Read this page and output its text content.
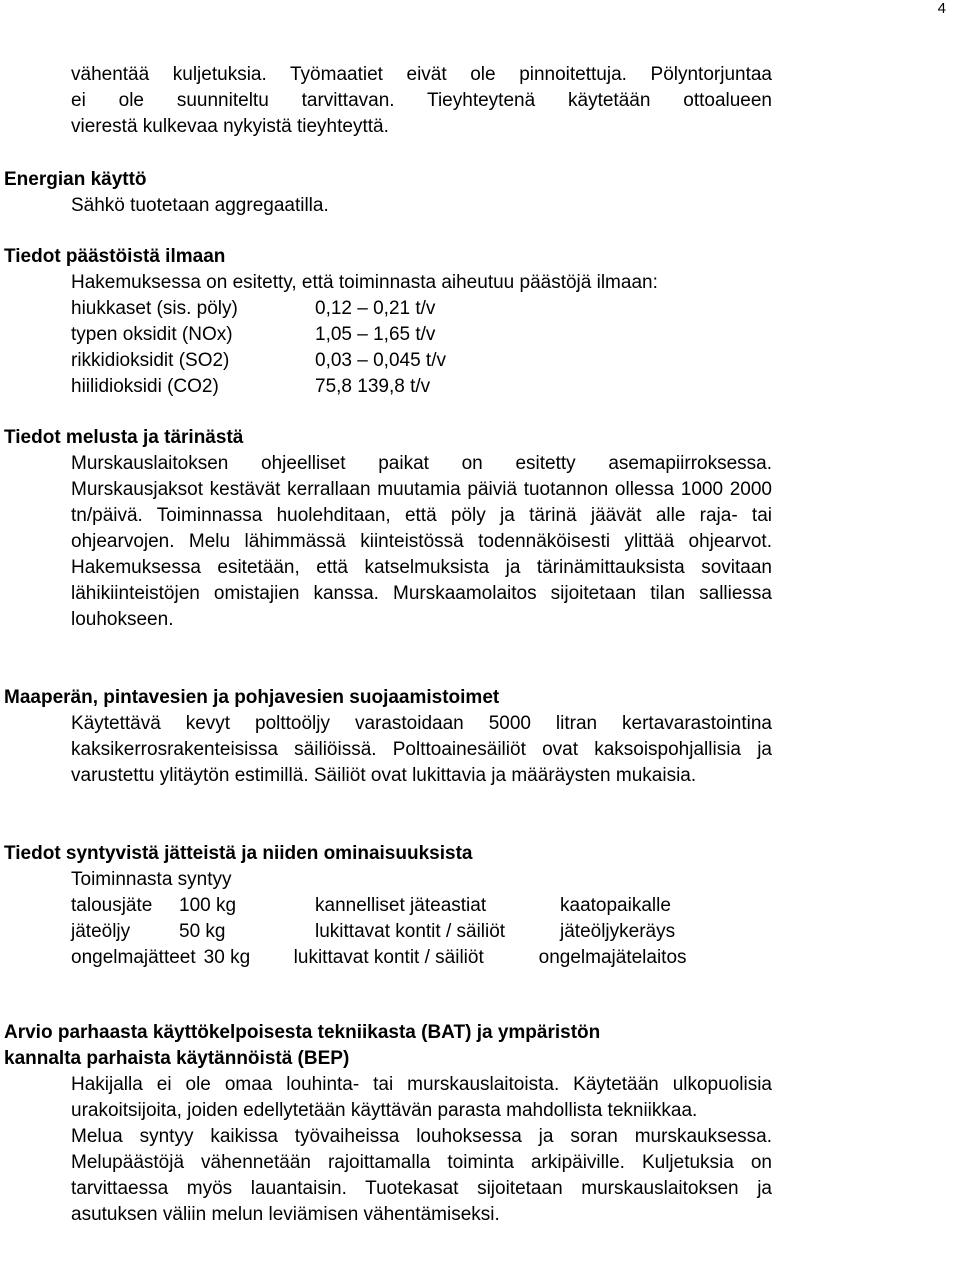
4
vähentää kuljetuksia. Työmaatiet eivät ole pinnoitettuja. Pölyntorjuntaa
ei ole suunniteltu tarvittavan. Tieyhteytenä käytetään ottoalueen
vierestä kulkevaa nykyistä tieyhteyttä.
Energian käyttö
Sähkö tuotetaan aggregaatilla.
Tiedot päästöistä ilmaan
Hakemuksessa on esitetty, että toiminnasta aiheutuu päästöjä ilmaan:
hiukkaset (sis. pöly)	0,12 – 0,21 t/v
typen oksidit (NOx)	1,05 – 1,65 t/v
rikkidioksidit (SO2)	0,03 – 0,045 t/v
hiilidioksidi (CO2)	75,8 139,8 t/v
Tiedot melusta ja tärinästä
Murskauslaitoksen ohjeelliset paikat on esitetty asemapiirroksessa. Murskausjaksot kestävät kerrallaan muutamia päiviä tuotannon ollessa 1000 2000 tn/päivä. Toiminnassa huolehditaan, että pöly ja tärinä jäävät alle raja- tai ohjearvojen. Melu lähimmässä kiinteistössä todennäköisesti ylittää ohjearvot. Hakemuksessa esitetään, että katselmuksista ja tärinämittauksista sovitaan lähikiinteistöjen omistajien kanssa. Murskaamolaitos sijoitetaan tilan salliessa louhokseen.
Maaperän, pintavesien ja pohjavesien suojaamistoimet
Käytettävä kevyt polttoöljy varastoidaan 5000 litran kertavarastointina kaksikerrosrakenteisissa säiliöissä. Polttoainesäiliöt ovat kaksoispohjallisia ja varustettu ylitäytön estimillä. Säiliöt ovat lukittavia ja määräysten mukaisia.
Tiedot syntyvistä jätteistä ja niiden ominaisuuksista
Toiminnasta syntyy
talousjäte	100 kg	kannelliset jäteastiat	kaatopaikalle
jäteöljy	50 kg	lukittavat kontit / säiliöt	jäteöljykeräys
ongelmajätteet 30 kg	lukittavat kontit / säiliöt	ongelmajätelaitos
Arvio parhaasta käyttökelpoisesta tekniikasta (BAT) ja ympäristön
kannalta parhaista käytännöistä (BEP)
Hakijalla ei ole omaa louhinta- tai murskauslaitoista. Käytetään ulkopuolisia urakoitsijoita, joiden edellytetään käyttävän parasta mahdollista tekniikkaa.
Melua syntyy kaikissa työvaiheissa louhoksessa ja soran murskauksessa. Melupäästöjä vähennetään rajoittamalla toiminta arkipäiville. Kuljetuksia on tarvittaessa myös lauantaisin. Tuotekasat sijoitetaan murskauslaitoksen ja asutuksen väliin melun leviämisen vähentämiseksi.
